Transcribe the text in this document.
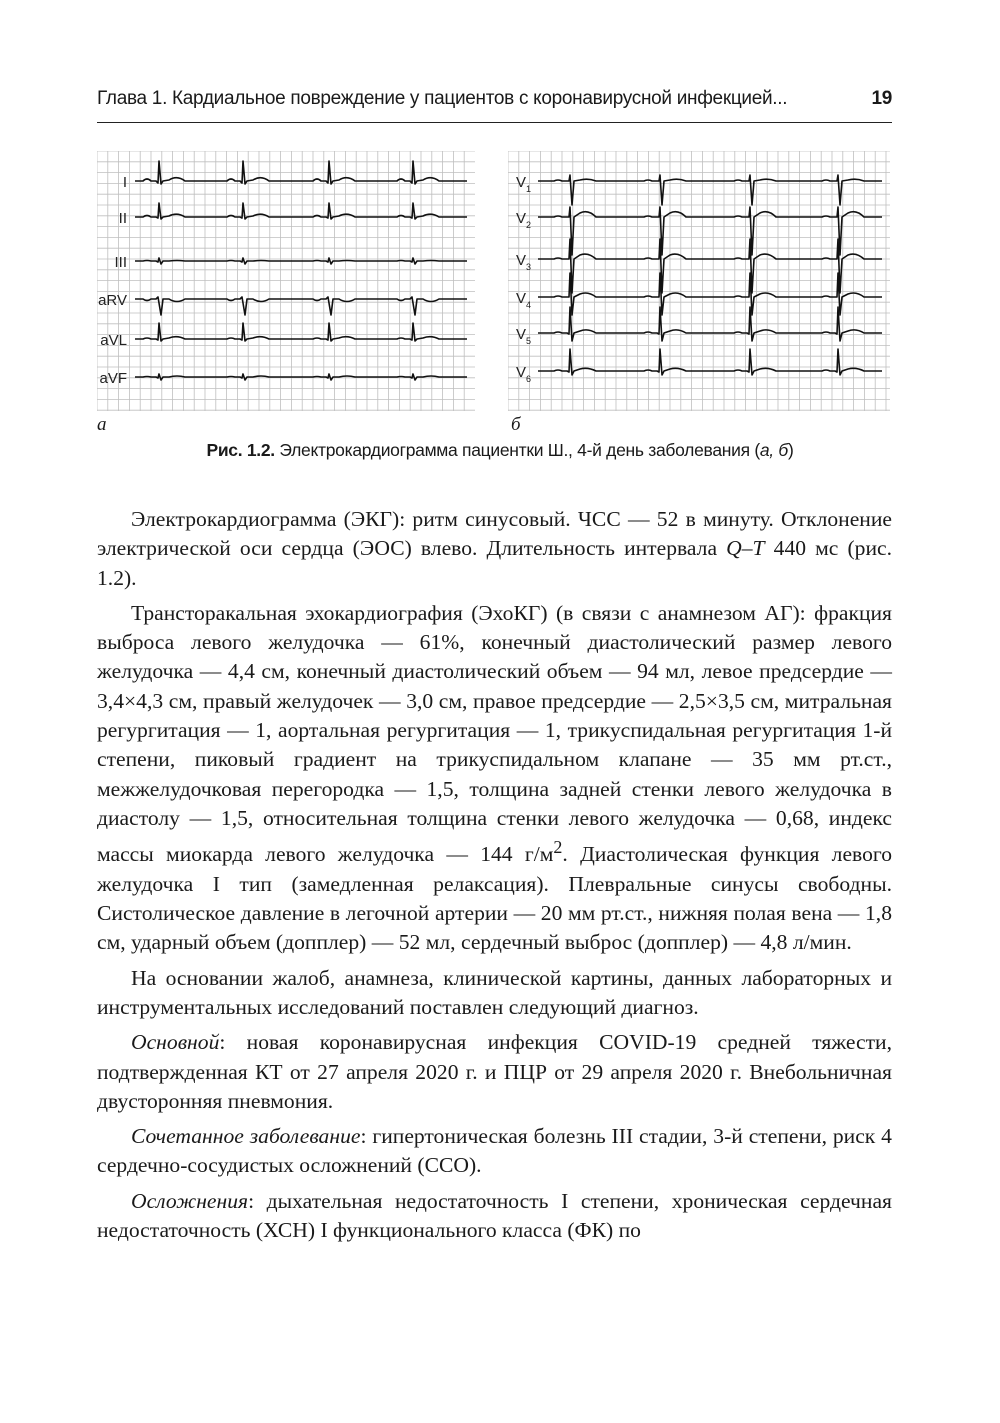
Глава 1. Кардиальное повреждение у пациентов с коронавирусной инфекцией...	19
I
II
III
aRV
aVL
aVF
$V_1$
$V_2$
$V_3$
$V_4$
$V_5$
$V_6$
а	б
Рис. 1.2. Электрокардиограмма пациентки Ш., 4-й день заболевания (а, б)

Электрокардиограмма (ЭКГ): ритм синусовый. ЧСС — 52 в минуту. Отклонение электрической оси сердца (ЭОС) влево. Длительность интервала Q–T 440 мс (рис. 1.2).

Трансторакальная эхокардиография (ЭхоКГ) (в связи с анамнезом АГ): фракция выброса левого желудочка — 61%, конечный диастолический размер левого желудочка — 4,4 см, конечный диастолический объем — 94 мл, левое предсердие — 3,4×4,3 см, правый желудочек — 3,0 см, правое предсердие — 2,5×3,5 см, митральная регургитация — 1, аортальная регургитация — 1, трикуспидальная регургитация 1-й степени, пиковый градиент на трикуспидальном клапане — 35 мм рт.ст., межжелудочковая перегородка — 1,5, толщина задней стенки левого желудочка в диастолу — 1,5, относительная толщина стенки левого желудочка — 0,68, индекс массы миокарда левого желудочка — 144 $г/м^2$. Диастолическая функция левого желудочка I тип (замедленная релаксация). Плевральные синусы свободны. Систолическое давление в легочной артерии — 20 мм рт.ст., нижняя полая вена — 1,8 см, ударный объем (допплер) — 52 мл, сердечный выброс (допплер) — 4,8 л/мин.

На основании жалоб, анамнеза, клинической картины, данных лабораторных и инструментальных исследований поставлен следующий диагноз.

Основной: новая коронавирусная инфекция COVID-19 средней тяжести, подтвержденная КТ от 27 апреля 2020 г. и ПЦР от 29 апреля 2020 г. Внебольничная двусторонняя пневмония.

Сочетанное заболевание: гипертоническая болезнь III стадии, 3-й степени, риск 4 сердечно-сосудистых осложнений (ССО).

Осложнения: дыхательная недостаточность I степени, хроническая сердечная недостаточность (ХСН) I функционального класса (ФК) по
